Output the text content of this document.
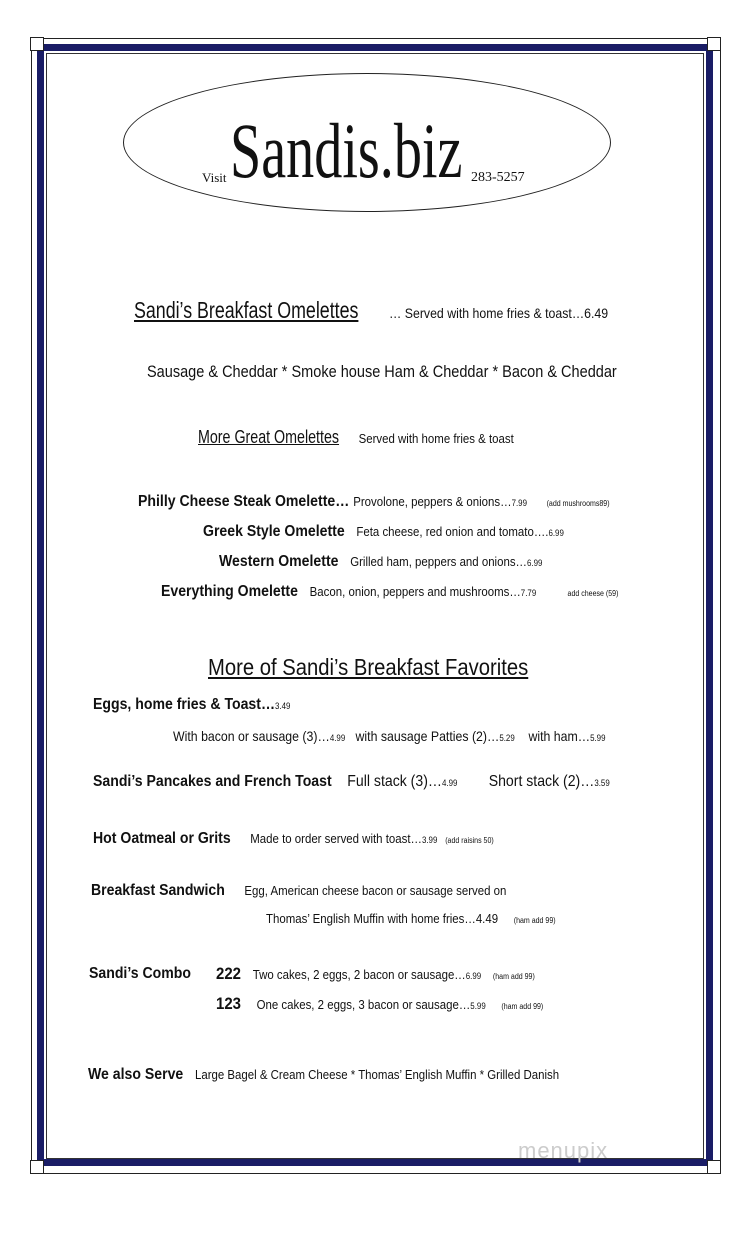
Visit Sandis.biz 283-5257
Sandi’s Breakfast Omelettes … Served with home fries & toast…6.49
Sausage & Cheddar * Smoke house Ham & Cheddar * Bacon & Cheddar
More Great Omelettes Served with home fries & toast
Philly Cheese Steak Omelette… Provolone, peppers & onions…7.99 (add mushrooms89)
Greek Style Omelette Feta cheese, red onion and tomato….6.99
Western Omelette Grilled ham, peppers and onions…6.99
Everything Omelette Bacon, onion, peppers and mushrooms…7.79	add cheese (59)
More of Sandi’s Breakfast Favorites
Eggs, home fries & Toast…3.49
With bacon or sausage (3)…4.99 with sausage Patties (2)…5.29 with ham…5.99
Sandi’s Pancakes and French Toast Full stack (3)…4.99 Short stack (2)…3.59
Hot Oatmeal or Grits Made to order served with toast…3.99 (add raisins 50)
Breakfast Sandwich Egg, American cheese bacon or sausage served on
Thomas’ English Muffin with home fries…4.49 (ham add 99)
Sandi’s Combo 222 Two cakes, 2 eggs, 2 bacon or sausage…6.99 (ham add 99)
123 One cakes, 2 eggs, 3 bacon or sausage…5.99 (ham add 99)
We also Serve Large Bagel & Cream Cheese * Thomas’ English Muffin * Grilled Danish
menupix
